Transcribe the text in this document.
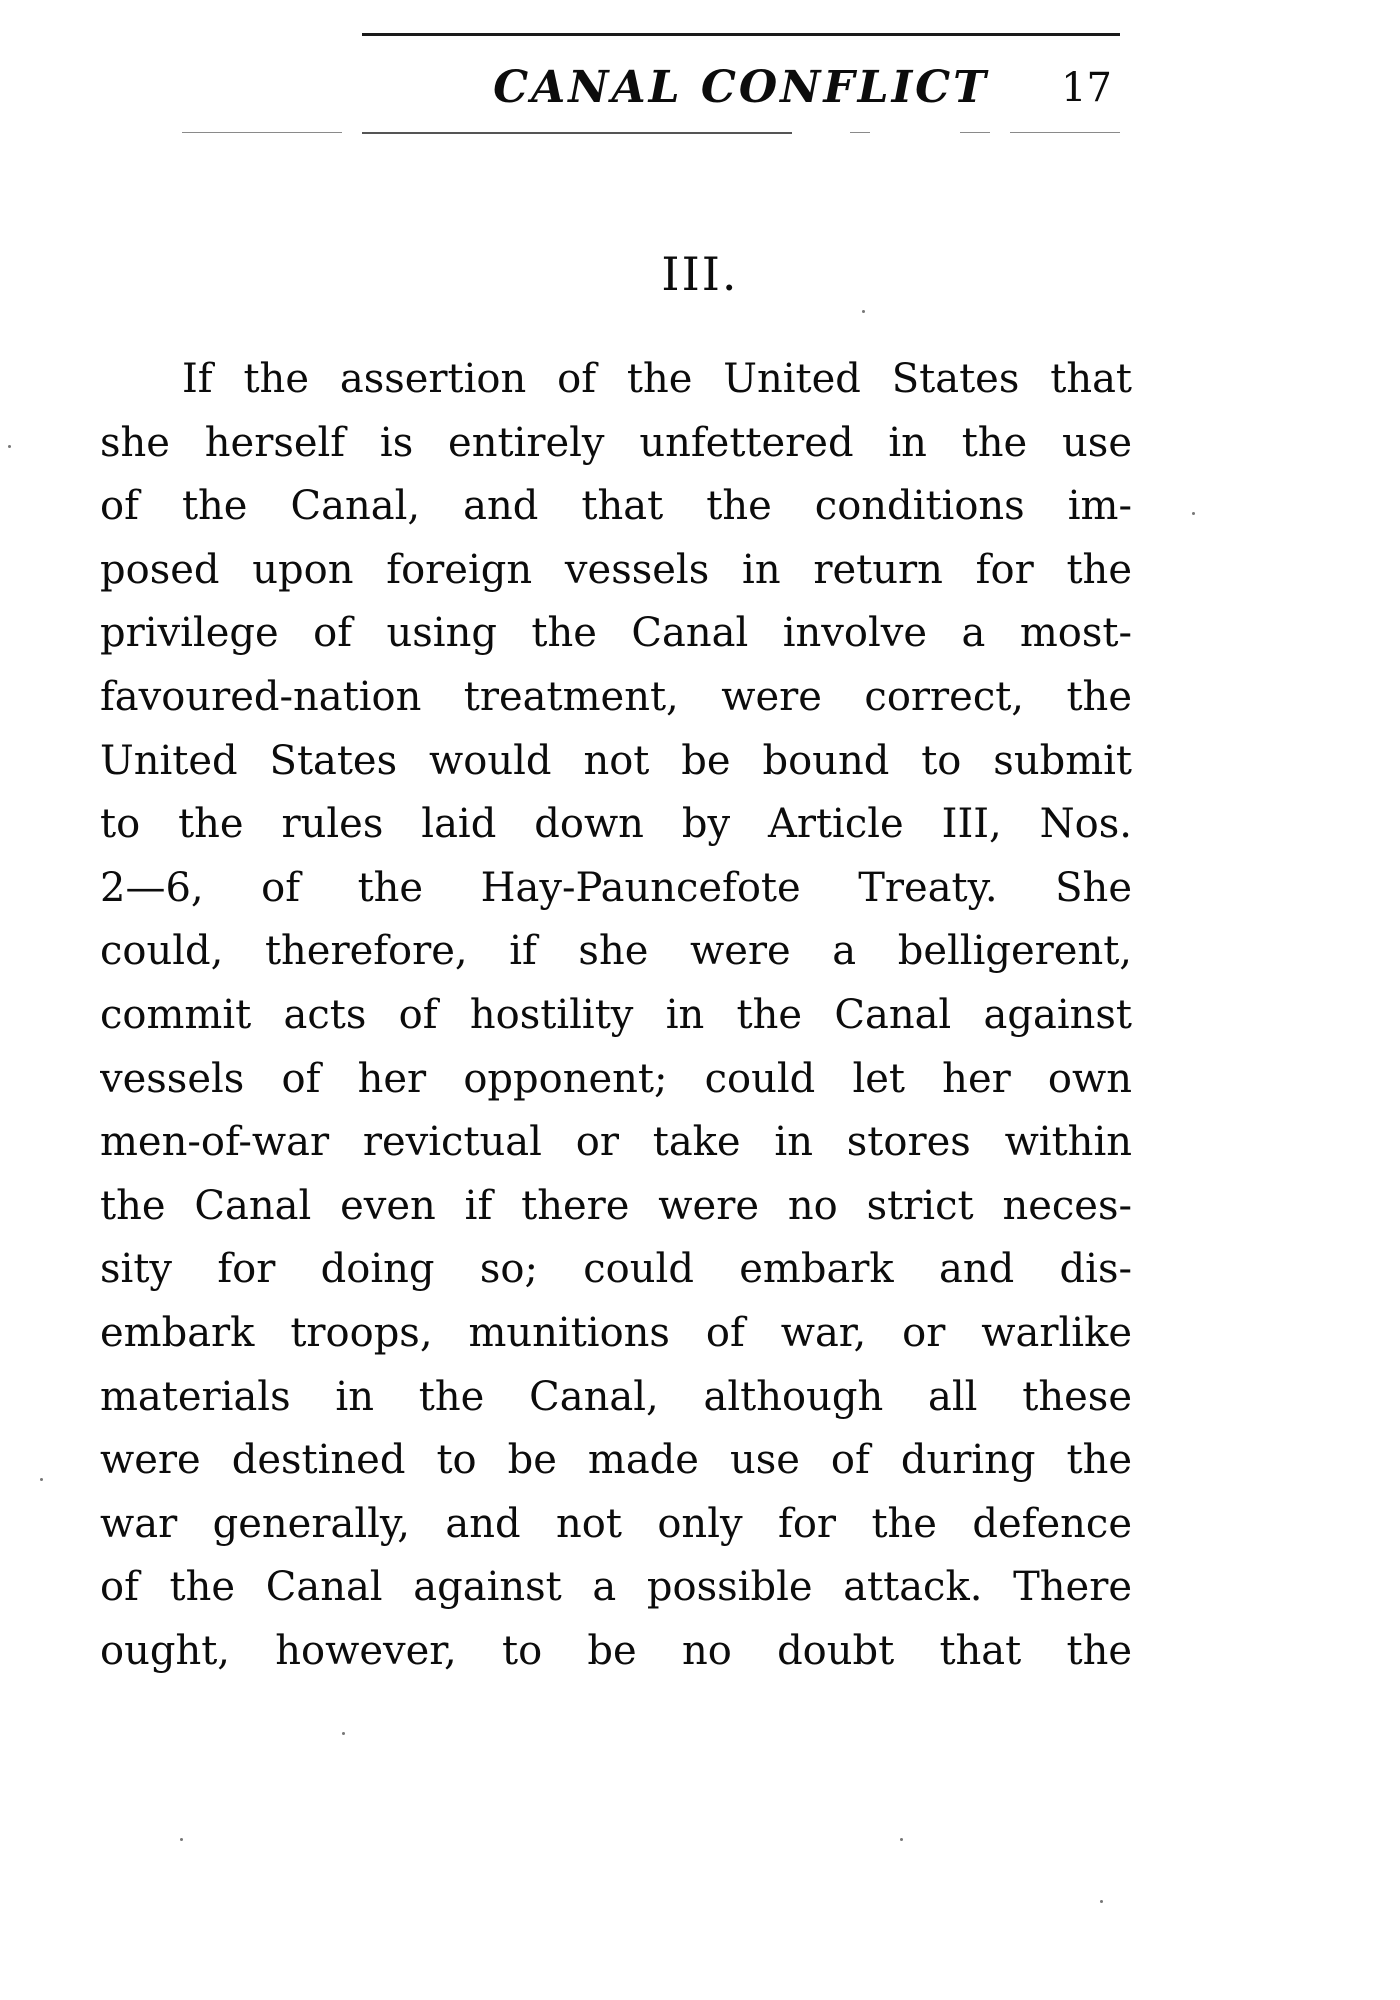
CANAL CONFLICT	17
III.
If the assertion of the United States that
she herself is entirely unfettered in the use
of the Canal, and that the conditions im-
posed upon foreign vessels in return for the
privilege of using the Canal involve a most-
favoured-nation treatment, were correct, the
United States would not be bound to submit
to the rules laid down by Article III, Nos.
2—6, of the Hay-Pauncefote Treaty. She
could, therefore, if she were a belligerent,
commit acts of hostility in the Canal against
vessels of her opponent; could let her own
men-of-war revictual or take in stores within
the Canal even if there were no strict neces-
sity for doing so; could embark and dis-
embark troops, munitions of war, or warlike
materials in the Canal, although all these
were destined to be made use of during the
war generally, and not only for the defence
of the Canal against a possible attack. There
ought, however, to be no doubt that the
